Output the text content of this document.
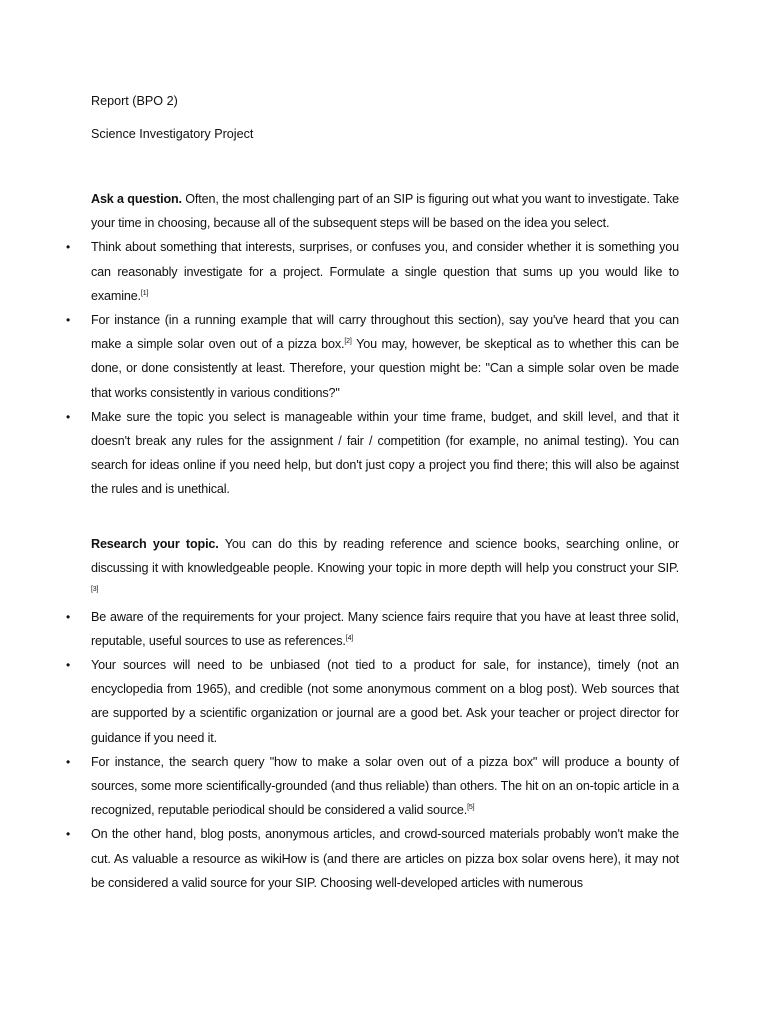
Report (BPO 2)
Science Investigatory Project

Ask a question. Often, the most challenging part of an SIP is figuring out what you want to investigate. Take your time in choosing, because all of the subsequent steps will be based on the idea you select.

• Think about something that interests, surprises, or confuses you, and consider whether it is something you can reasonably investigate for a project. Formulate a single question that sums up you would like to examine.[1]
• For instance (in a running example that will carry throughout this section), say you've heard that you can make a simple solar oven out of a pizza box.[2] You may, however, be skeptical as to whether this can be done, or done consistently at least. Therefore, your question might be: "Can a simple solar oven be made that works consistently in various conditions?"
• Make sure the topic you select is manageable within your time frame, budget, and skill level, and that it doesn't break any rules for the assignment / fair / competition (for example, no animal testing). You can search for ideas online if you need help, but don't just copy a project you find there; this will also be against the rules and is unethical.

Research your topic. You can do this by reading reference and science books, searching online, or discussing it with knowledgeable people. Knowing your topic in more depth will help you construct your SIP.[3]

• Be aware of the requirements for your project. Many science fairs require that you have at least three solid, reputable, useful sources to use as references.[4]
• Your sources will need to be unbiased (not tied to a product for sale, for instance), timely (not an encyclopedia from 1965), and credible (not some anonymous comment on a blog post). Web sources that are supported by a scientific organization or journal are a good bet. Ask your teacher or project director for guidance if you need it.
• For instance, the search query "how to make a solar oven out of a pizza box" will produce a bounty of sources, some more scientifically-grounded (and thus reliable) than others. The hit on an on-topic article in a recognized, reputable periodical should be considered a valid source.[5]
• On the other hand, blog posts, anonymous articles, and crowd-sourced materials probably won't make the cut. As valuable a resource as wikiHow is (and there are articles on pizza box solar ovens here), it may not be considered a valid source for your SIP. Choosing well-developed articles with numerous
